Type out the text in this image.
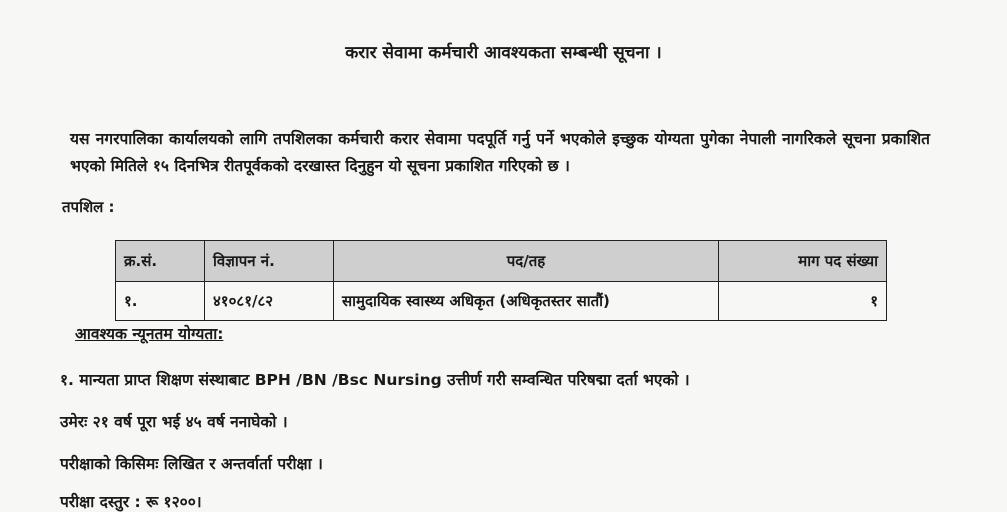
करार सेवामा कर्मचारी आवश्यकता सम्बन्धी सूचना ।
यस नगरपालिका कार्यालयको लागि तपशिलका कर्मचारी करार सेवामा पदपूर्ति गर्नु पर्ने भएकोले इच्छुक योग्यता पुगेका नेपाली नागरिकले सूचना प्रकाशित भएको मितिले १५ दिनभित्र रीतपूर्वकको दरखास्त दिनुहुन यो सूचना प्रकाशित गरिएको छ ।
तपशिल :
क्र.सं.	विज्ञापन नं.	पद/तह	माग पद संख्या
१.	४१०८१/८२	सामुदायिक स्वास्थ्य अधिकृत (अधिकृतस्तर सातौं)	१
आवश्यक न्यूनतम योग्यता:
१. मान्यता प्राप्त शिक्षण संस्थाबाट BPH /BN /Bsc Nursing उत्तीर्ण गरी सम्वन्धित परिषद्मा दर्ता भएको ।
उमेरः २१ वर्ष पूरा भई ४५ वर्ष ननाघेको ।
परीक्षाको किसिमः लिखित र अन्तर्वार्ता परीक्षा ।
परीक्षा दस्तुर : रू १२००।
